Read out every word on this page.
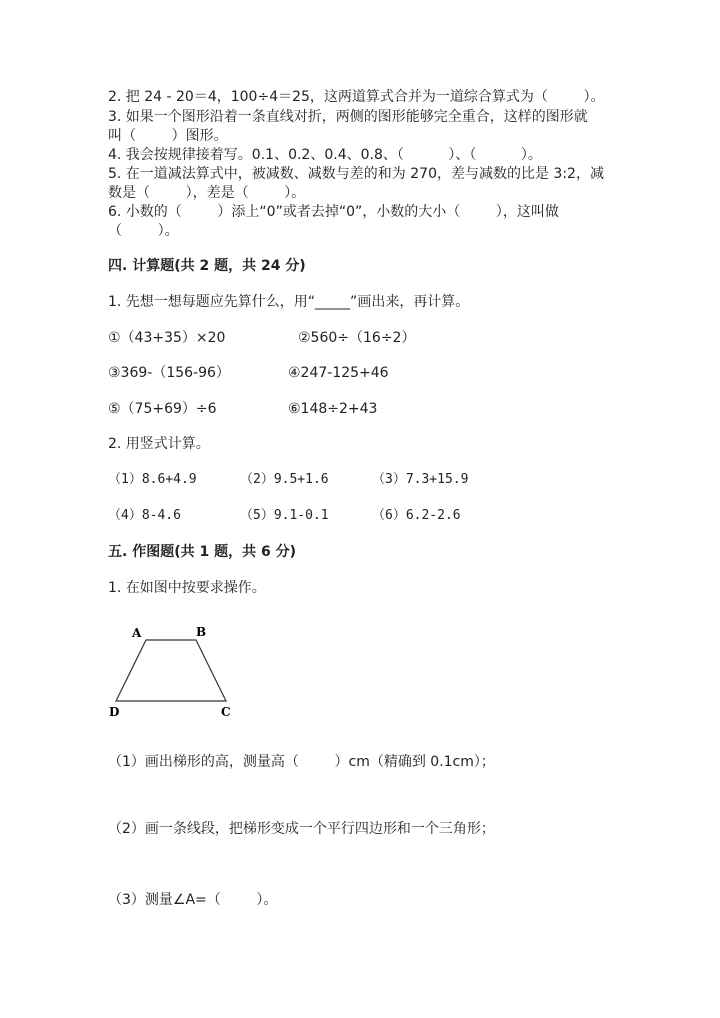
2. 把 24 - 20＝4，100÷4＝25，这两道算式合并为一道综合算式为（        ）。
3. 如果一个图形沿着一条直线对折，两侧的图形能够完全重合，这样的图形就
叫（        ）图形。
4. 我会按规律接着写。0.1、0.2、0.4、0.8、（          ）、（          ）。
5. 在一道减法算式中，被减数、减数与差的和为 270，差与减数的比是 3:2，减
数是（        ），差是（        ）。
6. 小数的（        ）添上“0”或者去掉“0”，小数的大小（        ），这叫做
（        ）。
四. 计算题(共 2 题，共 24 分)
1. 先想一想每题应先算什么，用“_____”画出来，再计算。
①（43+35）×20	②560÷（16÷2）
③369-（156-96）	④247-125+46
⑤（75+69）÷6	⑥148÷2+43
2. 用竖式计算。
（1）8.6+4.9	（2）9.5+1.6	（3）7.3+15.9
（4）8-4.6	（5）9.1-0.1	（6）6.2-2.6
五. 作图题(共 1 题，共 6 分)
1. 在如图中按要求操作。
A	B
C
D
（1）画出梯形的高，测量高（        ）cm（精确到 0.1cm）；
（2）画一条线段，把梯形变成一个平行四边形和一个三角形；
（3）测量∠A=（        ）。
